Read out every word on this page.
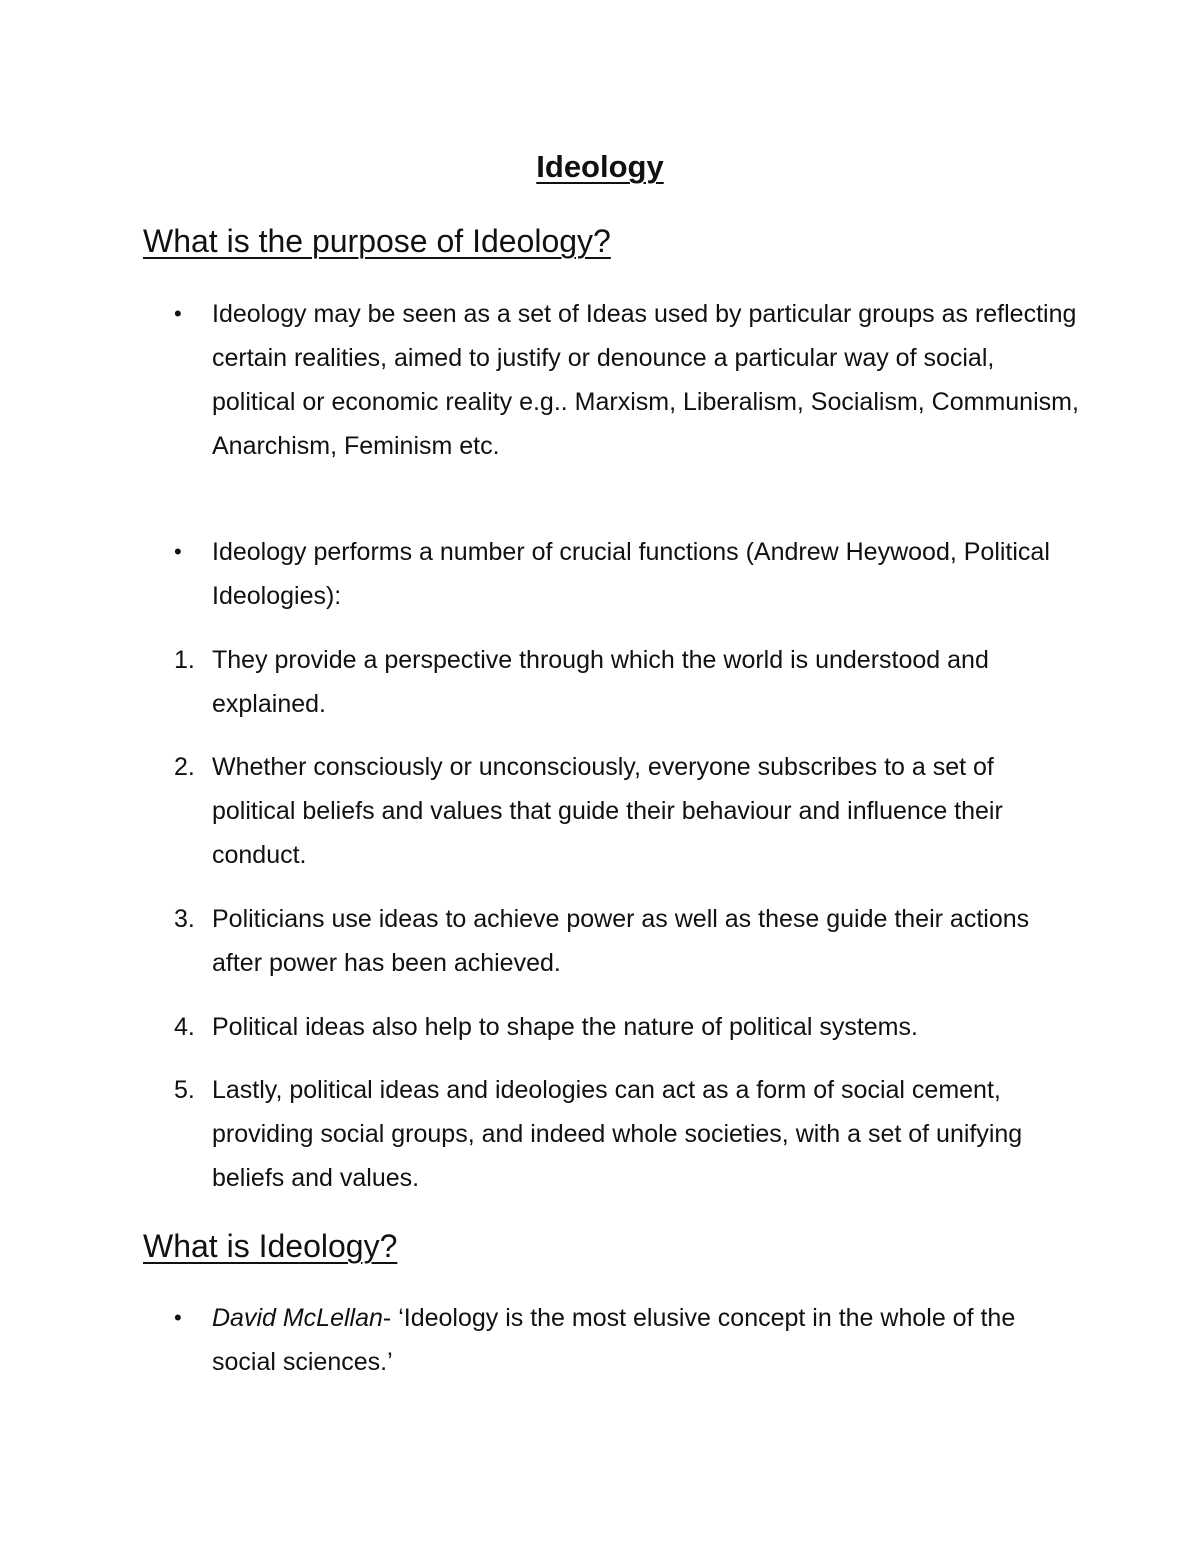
Ideology
What is the purpose of Ideology?
•	Ideology may be seen as a set of Ideas used by particular groups as reflecting certain realities, aimed to justify or denounce a particular way of social, political or economic reality e.g.. Marxism, Liberalism, Socialism, Communism, Anarchism, Feminism etc.
•	Ideology performs a number of crucial functions (Andrew Heywood, Political Ideologies):
1. They provide a perspective through which the world is understood and explained.
2. Whether consciously or unconsciously, everyone subscribes to a set of political beliefs and values that guide their behaviour and influence their conduct.
3. Politicians use ideas to achieve power as well as these guide their actions after power has been achieved.
4. Political ideas also help to shape the nature of political systems.
5. Lastly, political ideas and ideologies can act as a form of social cement, providing social groups, and indeed whole societies, with a set of unifying beliefs and values.
What is Ideology?
•	David McLellan- ‘Ideology is the most elusive concept in the whole of the social sciences.’
